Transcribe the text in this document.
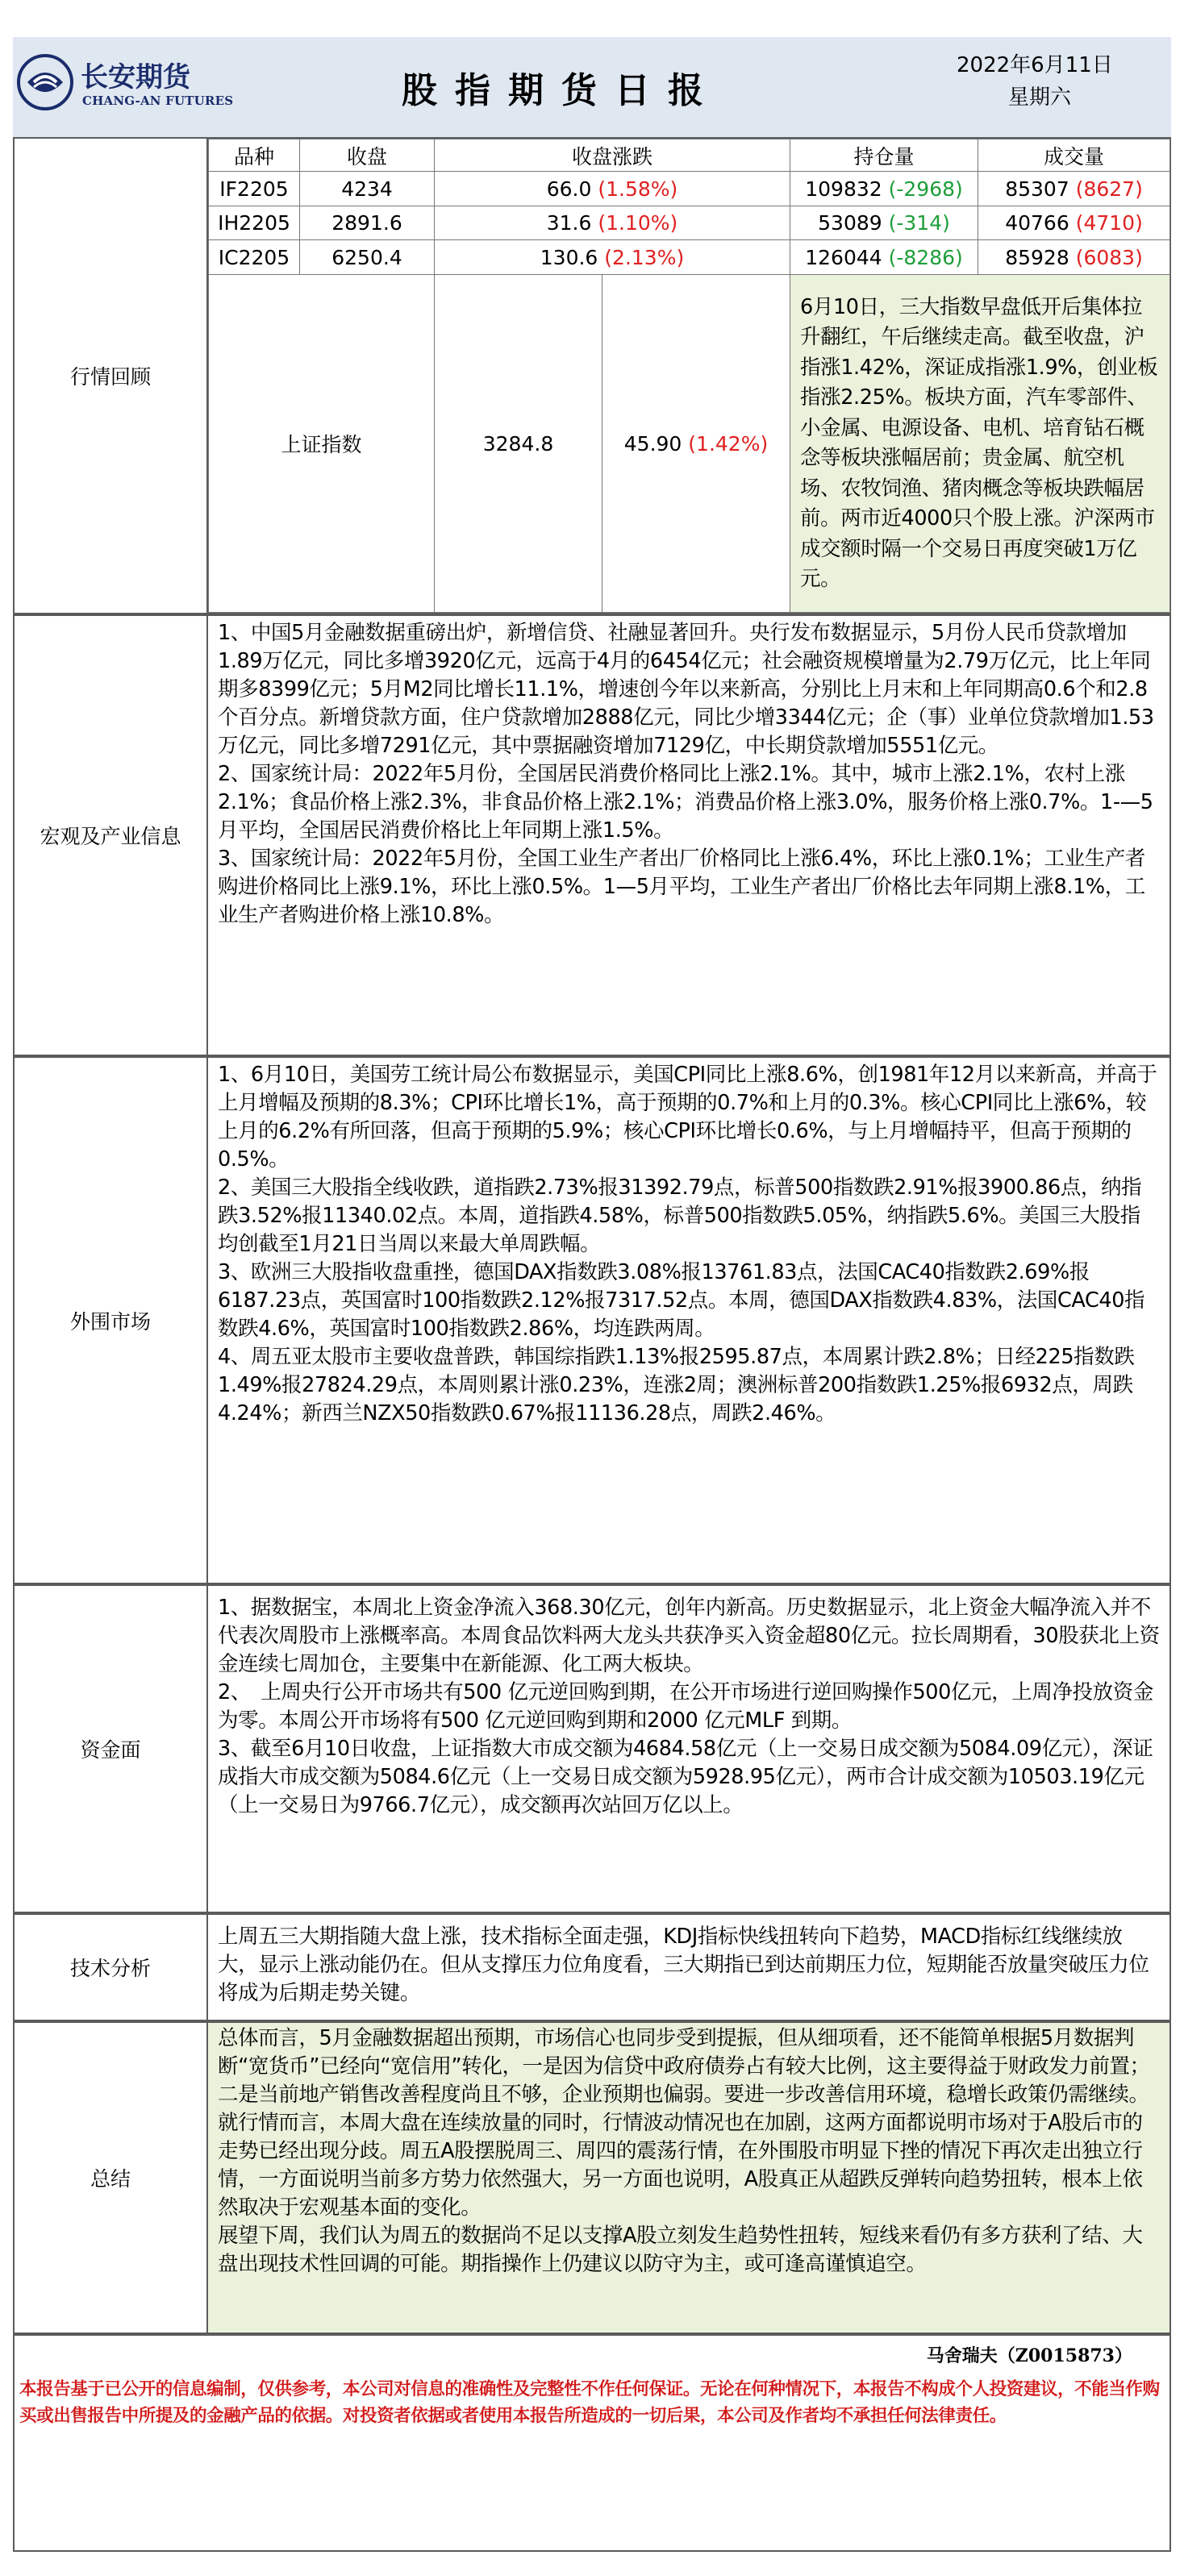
长安期货
CHANG-AN FUTURES	股指期货日报
2022年6月11日
星期六
行情回顾
品种	收盘	收盘涨跌		持仓量	成交量
IF2205	4234	66.0 (1.58%)		109832 (-2968)	85307 (8627)
IH2205	2891.6	31.6 (1.10%)		53089 (-314)	40766 (4710)
IC2205	6250.4	130.6 (2.13%)		126044 (-8286)	85928 (6083)
上证指数		3284.8	45.90 (1.42%)	6月10日，三大指数早盘低开后集体拉升翻红，午后继续走高。截至收盘，沪指涨1.42%，深证成指涨1.9%，创业板指涨2.25%。板块方面，汽车零部件、小金属、电源设备、电机、培育钻石概念等板块涨幅居前；贵金属、航空机场、农牧饲渔、猪肉概念等板块跌幅居前。两市近4000只个股上涨。沪深两市成交额时隔一个交易日再度突破1万亿元。	
宏观及产业信息

1、中国5月金融数据重磅出炉，新增信贷、社融显著回升。央行发布数据显示，5月份人民币贷款增加1.89万亿元，同比多增3920亿元，远高于4月的6454亿元；社会融资规模增量为2.79万亿元，比上年同期多8399亿元；5月M2同比增长11.1%，增速创今年以来新高，分别比上月末和上年同期高0.6个和2.8个百分点。新增贷款方面，住户贷款增加2888亿元，同比少增3344亿元；企（事）业单位贷款增加1.53万亿元，同比多增7291亿元，其中票据融资增加7129亿，中长期贷款增加5551亿元。

2、国家统计局：2022年5月份，全国居民消费价格同比上涨2.1%。其中，城市上涨2.1%，农村上涨2.1%；食品价格上涨2.3%，非食品价格上涨2.1%；消费品价格上涨3.0%，服务价格上涨0.7%。1-—5月平均，全国居民消费价格比上年同期上涨1.5%。

3、国家统计局：2022年5月份，全国工业生产者出厂价格同比上涨6.4%，环比上涨0.1%；工业生产者购进价格同比上涨9.1%，环比上涨0.5%。1—5月平均，工业生产者出厂价格比去年同期上涨8.1%，工业生产者购进价格上涨10.8%。

外围市场

1、6月10日，美国劳工统计局公布数据显示，美国CPI同比上涨8.6%，创1981年12月以来新高，并高于上月增幅及预期的8.3%；CPI环比增长1%，高于预期的0.7%和上月的0.3%。核心CPI同比上涨6%，较上月的6.2%有所回落，但高于预期的5.9%；核心CPI环比增长0.6%，与上月增幅持平，但高于预期的0.5%。

2、美国三大股指全线收跌，道指跌2.73%报31392.79点，标普500指数跌2.91%报3900.86点，纳指跌3.52%报11340.02点。本周，道指跌4.58%，标普500指数跌5.05%，纳指跌5.6%。美国三大股指均创截至1月21日当周以来最大单周跌幅。

3、欧洲三大股指收盘重挫，德国DAX指数跌3.08%报13761.83点，法国CAC40指数跌2.69%报6187.23点，英国富时100指数跌2.12%报7317.52点。本周，德国DAX指数跌4.83%，法国CAC40指数跌4.6%，英国富时100指数跌2.86%，均连跌两周。

4、周五亚太股市主要收盘普跌，韩国综指跌1.13%报2595.87点，本周累计跌2.8%；日经225指数跌1.49%报27824.29点，本周则累计涨0.23%，连涨2周；澳洲标普200指数跌1.25%报6932点，周跌4.24%；新西兰NZX50指数跌0.67%报11136.28点，周跌2.46%。

资金面

1、据数据宝，本周北上资金净流入368.30亿元，创年内新高。历史数据显示，北上资金大幅净流入并不代表次周股市上涨概率高。本周食品饮料两大龙头共获净买入资金超80亿元。拉长周期看，30股获北上资金连续七周加仓，主要集中在新能源、化工两大板块。

2、　上周央行公开市场共有500 亿元逆回购到期，在公开市场进行逆回购操作500亿元，上周净投放资金为零。本周公开市场将有500 亿元逆回购到期和2000 亿元MLF 到期。

3、截至6月10日收盘，上证指数大市成交额为4684.58亿元（上一交易日成交额为5084.09亿元），深证成指大市成交额为5084.6亿元（上一交易日成交额为5928.95亿元），两市合计成交额为10503.19亿元（上一交易日为9766.7亿元），成交额再次站回万亿以上。

技术分析

上周五三大期指随大盘上涨，技术指标全面走强，KDJ指标快线扭转向下趋势，MACD指标红线继续放大，显示上涨动能仍在。但从支撑压力位角度看，三大期指已到达前期压力位，短期能否放量突破压力位将成为后期走势关键。

总结

总体而言，5月金融数据超出预期，市场信心也同步受到提振，但从细项看，还不能简单根据5月数据判断“宽货币”已经向“宽信用”转化，一是因为信贷中政府债券占有较大比例，这主要得益于财政发力前置；二是当前地产销售改善程度尚且不够，企业预期也偏弱。要进一步改善信用环境，稳增长政策仍需继续。

就行情而言，本周大盘在连续放量的同时，行情波动情况也在加剧，这两方面都说明市场对于A股后市的走势已经出现分歧。周五A股摆脱周三、周四的震荡行情，在外围股市明显下挫的情况下再次走出独立行情，一方面说明当前多方势力依然强大，另一方面也说明，A股真正从超跌反弹转向趋势扭转，根本上依然取决于宏观基本面的变化。

展望下周，我们认为周五的数据尚不足以支撑A股立刻发生趋势性扭转，短线来看仍有多方获利了结、大盘出现技术性回调的可能。期指操作上仍建议以防守为主，或可逢高谨慎追空。

马舍瑞夫（Z0015873）
本报告基于已公开的信息编制，仅供参考，本公司对信息的准确性及完整性不作任何保证。无论在何种情况下，本报告不构成个人投资建议，不能当作购买或出售报告中所提及的金融产品的依据。对投资者依据或者使用本报告所造成的一切后果，本公司及作者均不承担任何法律责任。
